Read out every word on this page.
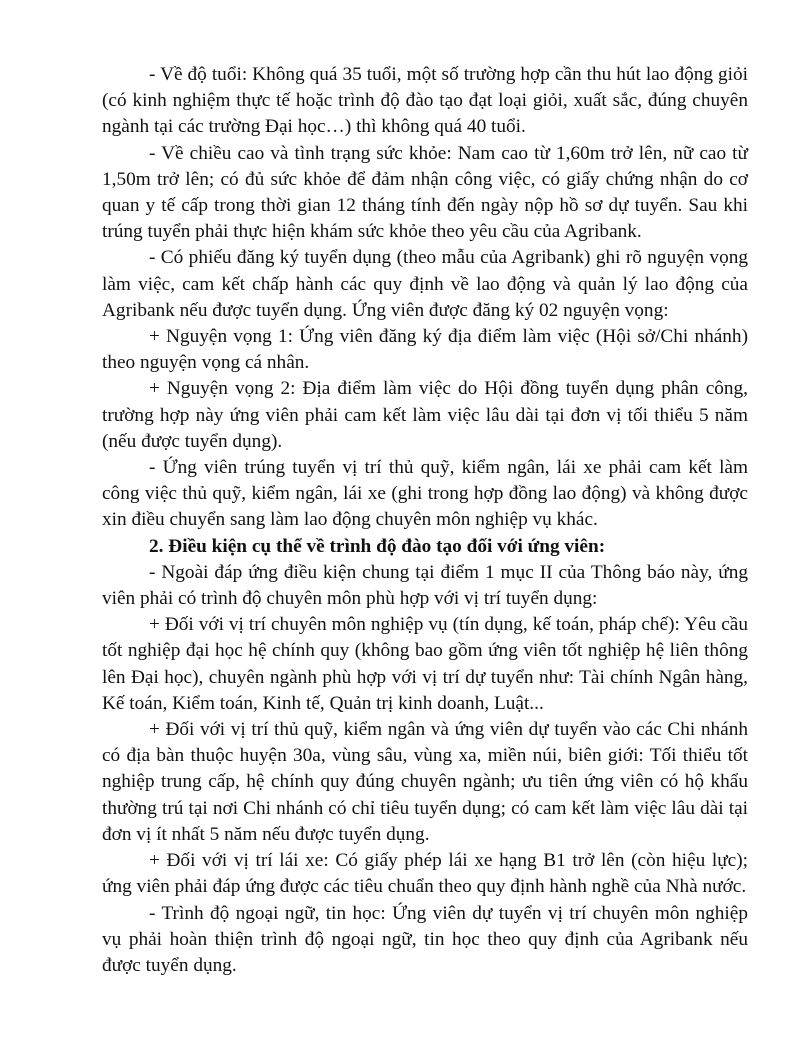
- Về độ tuổi: Không quá 35 tuổi, một số trường hợp cần thu hút lao động giỏi (có kinh nghiệm thực tế hoặc trình độ đào tạo đạt loại giỏi, xuất sắc, đúng chuyên ngành tại các trường Đại học…) thì không quá 40 tuổi.

- Về chiều cao và tình trạng sức khỏe: Nam cao từ 1,60m trở lên, nữ cao từ 1,50m trở lên; có đủ sức khỏe để đảm nhận công việc, có giấy chứng nhận do cơ quan y tế cấp trong thời gian 12 tháng tính đến ngày nộp hồ sơ dự tuyển. Sau khi trúng tuyển phải thực hiện khám sức khỏe theo yêu cầu của Agribank.

- Có phiếu đăng ký tuyển dụng (theo mẫu của Agribank) ghi rõ nguyện vọng làm việc, cam kết chấp hành các quy định về lao động và quản lý lao động của Agribank nếu được tuyển dụng. Ứng viên được đăng ký 02 nguyện vọng:

+ Nguyện vọng 1: Ứng viên đăng ký địa điểm làm việc (Hội sở/Chi nhánh) theo nguyện vọng cá nhân.

+ Nguyện vọng 2: Địa điểm làm việc do Hội đồng tuyển dụng phân công, trường hợp này ứng viên phải cam kết làm việc lâu dài tại đơn vị tối thiểu 5 năm (nếu được tuyển dụng).

- Ứng viên trúng tuyển vị trí thủ quỹ, kiểm ngân, lái xe phải cam kết làm công việc thủ quỹ, kiểm ngân, lái xe (ghi trong hợp đồng lao động) và không được xin điều chuyển sang làm lao động chuyên môn nghiệp vụ khác.

2. Điều kiện cụ thể về trình độ đào tạo đối với ứng viên:

- Ngoài đáp ứng điều kiện chung tại điểm 1 mục II của Thông báo này, ứng viên phải có trình độ chuyên môn phù hợp với vị trí tuyển dụng:

+ Đối với vị trí chuyên môn nghiệp vụ (tín dụng, kế toán, pháp chế): Yêu cầu tốt nghiệp đại học hệ chính quy (không bao gồm ứng viên tốt nghiệp hệ liên thông lên Đại học), chuyên ngành phù hợp với vị trí dự tuyển như: Tài chính Ngân hàng, Kế toán, Kiểm toán, Kinh tế, Quản trị kinh doanh, Luật...

+ Đối với vị trí thủ quỹ, kiểm ngân và ứng viên dự tuyển vào các Chi nhánh có địa bàn thuộc huyện 30a, vùng sâu, vùng xa, miền núi, biên giới: Tối thiểu tốt nghiệp trung cấp, hệ chính quy đúng chuyên ngành; ưu tiên ứng viên có hộ khẩu thường trú tại nơi Chi nhánh có chỉ tiêu tuyển dụng; có cam kết làm việc lâu dài tại đơn vị ít nhất 5 năm nếu được tuyển dụng.

+ Đối với vị trí lái xe: Có giấy phép lái xe hạng B1 trở lên (còn hiệu lực); ứng viên phải đáp ứng được các tiêu chuẩn theo quy định hành nghề của Nhà nước.

- Trình độ ngoại ngữ, tin học: Ứng viên dự tuyển vị trí chuyên môn nghiệp vụ phải hoàn thiện trình độ ngoại ngữ, tin học theo quy định của Agribank nếu được tuyển dụng.
